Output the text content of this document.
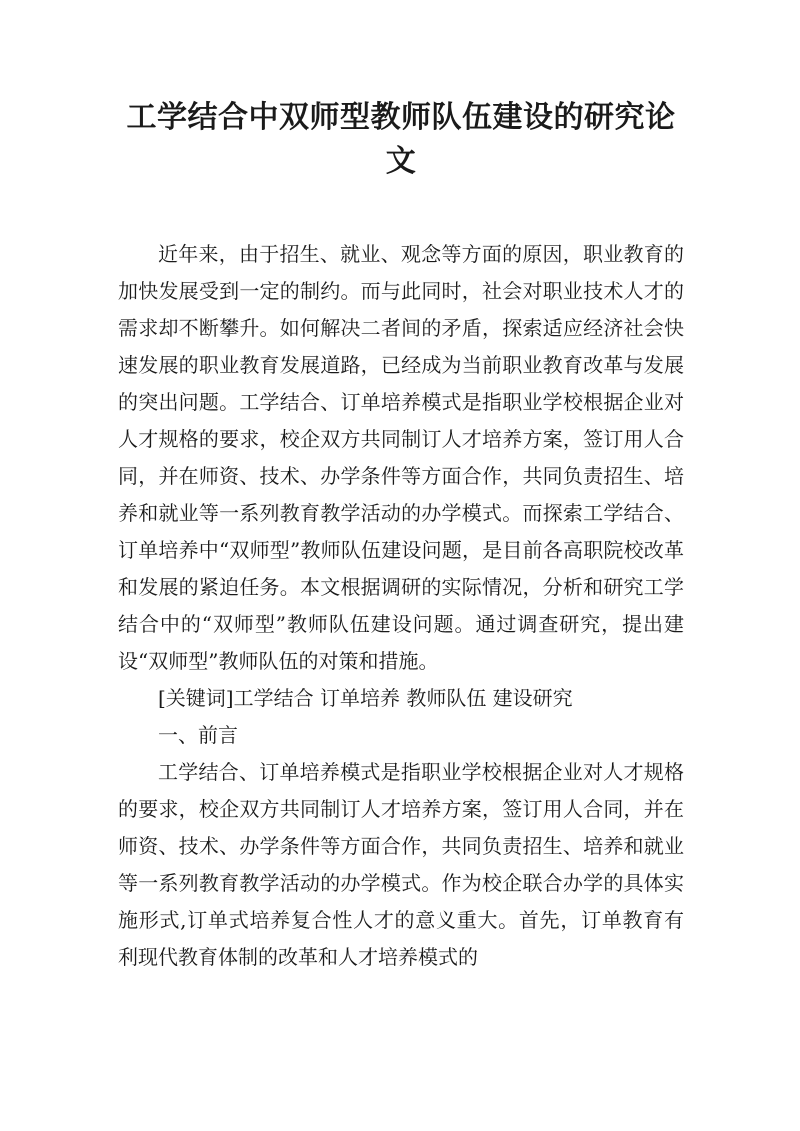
工学结合中双师型教师队伍建设的研究论文

近年来，由于招生、就业、观念等方面的原因，职业教育的加快发展受到一定的制约。而与此同时，社会对职业技术人才的需求却不断攀升。如何解决二者间的矛盾，探索适应经济社会快速发展的职业教育发展道路，已经成为当前职业教育改革与发展的突出问题。工学结合、订单培养模式是指职业学校根据企业对人才规格的要求，校企双方共同制订人才培养方案，签订用人合同，并在师资、技术、办学条件等方面合作，共同负责招生、培养和就业等一系列教育教学活动的办学模式。而探索工学结合、订单培养中“双师型”教师队伍建设问题，是目前各高职院校改革和发展的紧迫任务。本文根据调研的实际情况，分析和研究工学结合中的“双师型”教师队伍建设问题。通过调查研究，提出建设“双师型”教师队伍的对策和措施。

[关键词]工学结合 订单培养 教师队伍 建设研究

一、前言

工学结合、订单培养模式是指职业学校根据企业对人才规格的要求，校企双方共同制订人才培养方案，签订用人合同，并在师资、技术、办学条件等方面合作，共同负责招生、培养和就业等一系列教育教学活动的办学模式。作为校企联合办学的具体实施形式,订单式培养复合性人才的意义重大。首先，订单教育有利现代教育体制的改革和人才培养模式的
